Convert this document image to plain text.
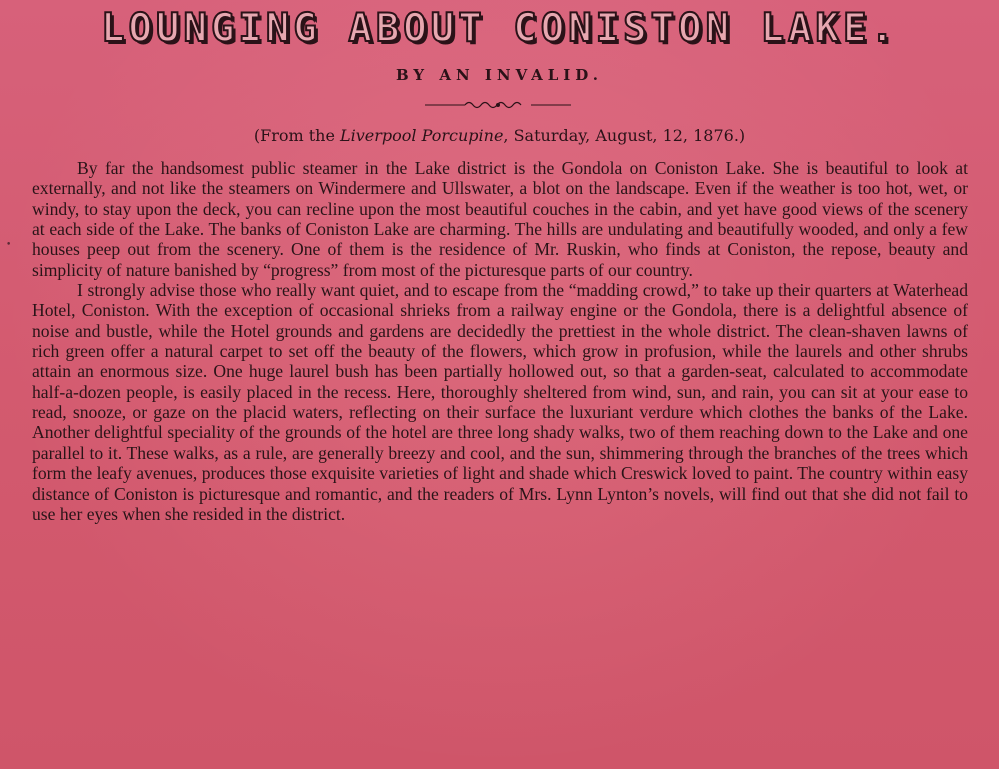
LOUNGING ABOUT CONISTON LAKE.
BY AN INVALID.
(From the Liverpool Porcupine, Saturday, August, 12, 1876.)
•

By far the handsomest public steamer in the Lake district is the Gondola on Coniston Lake. She is beautiful to look at externally, and not like the steamers on Windermere and Ullswater, a blot on the landscape. Even if the weather is too hot, wet, or windy, to stay upon the deck, you can recline upon the most beautiful couches in the cabin, and yet have good views of the scenery at each side of the Lake. The banks of Coniston Lake are charming. The hills are undulating and beautifully wooded, and only a few houses peep out from the scenery. One of them is the residence of Mr. Ruskin, who finds at Coniston, the repose, beauty and simplicity of nature banished by “progress” from most of the picturesque parts of our country.

I strongly advise those who really want quiet, and to escape from the “madding crowd,” to take up their quarters at Waterhead Hotel, Coniston. With the exception of occasional shrieks from a railway engine or the Gondola, there is a delightful absence of noise and bustle, while the Hotel grounds and gardens are decidedly the prettiest in the whole district. The clean-shaven lawns of rich green offer a natural carpet to set off the beauty of the flowers, which grow in profusion, while the laurels and other shrubs attain an enormous size. One huge laurel bush has been partially hollowed out, so that a garden-seat, calculated to accommodate half-a-dozen people, is easily placed in the recess. Here, thoroughly sheltered from wind, sun, and rain, you can sit at your ease to read, snooze, or gaze on the placid waters, reflecting on their surface the luxuriant verdure which clothes the banks of the Lake. Another delightful speciality of the grounds of the hotel are three long shady walks, two of them reaching down to the Lake and one parallel to it. These walks, as a rule, are generally breezy and cool, and the sun, shimmering through the branches of the trees which form the leafy avenues, produces those exquisite varieties of light and shade which Creswick loved to paint. The country within easy distance of Coniston is picturesque and romantic, and the readers of Mrs. Lynn Lynton’s novels, will find out that she did not fail to use her eyes when she resided in the district.
